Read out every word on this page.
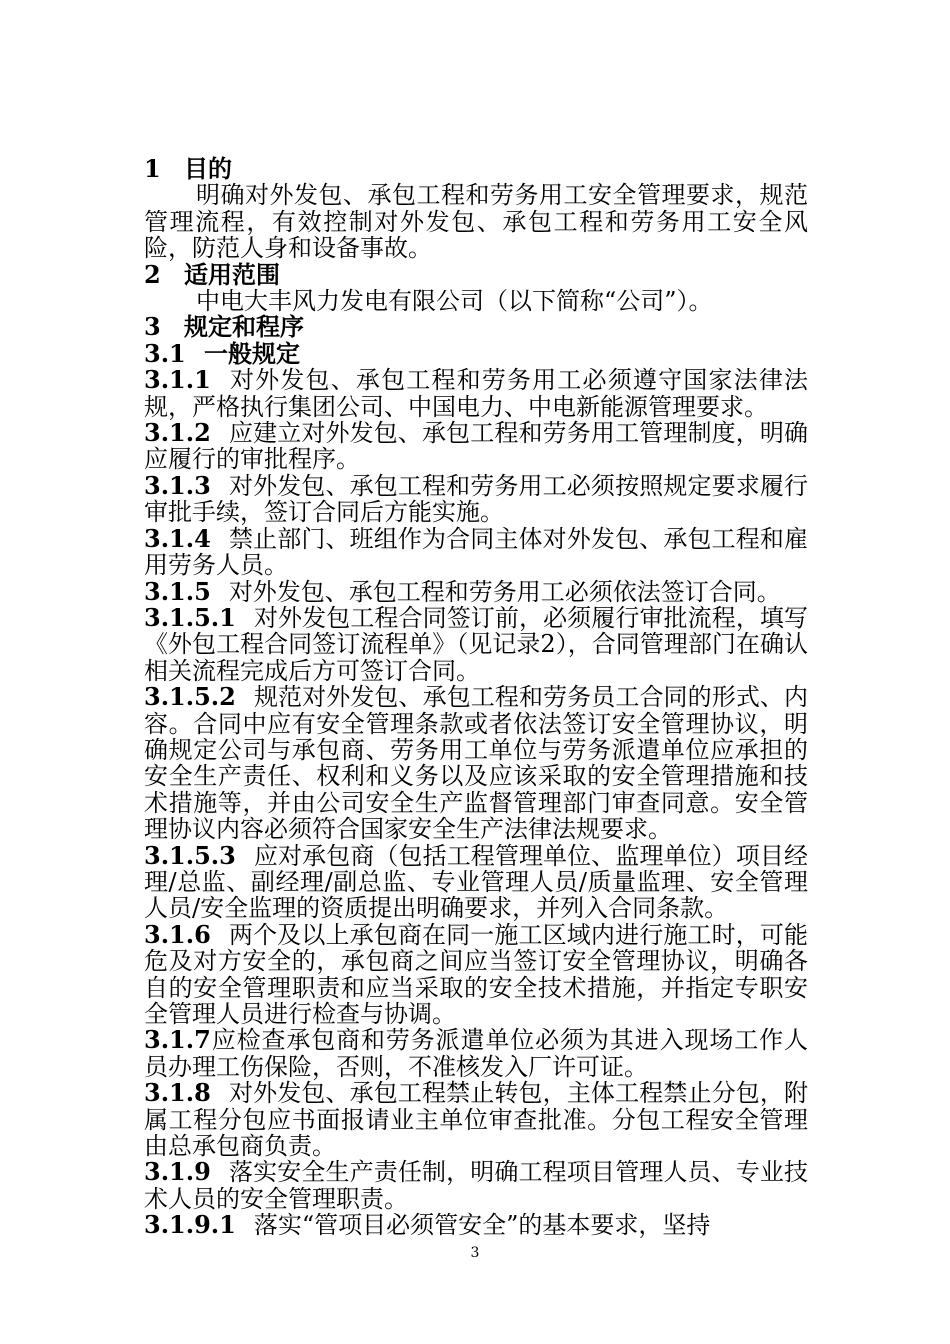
1 目的

明确对外发包、承包工程和劳务用工安全管理要求，规范管理流程，有效控制对外发包、承包工程和劳务用工安全风险，防范人身和设备事故。

2 适用范围

中电大丰风力发电有限公司（以下简称“公司”）。

3 规定和程序

3.1 一般规定

3.1.1 对外发包、承包工程和劳务用工必须遵守国家法律法规，严格执行集团公司、中国电力、中电新能源管理要求。

3.1.2 应建立对外发包、承包工程和劳务用工管理制度，明确应履行的审批程序。

3.1.3 对外发包、承包工程和劳务用工必须按照规定要求履行审批手续，签订合同后方能实施。

3.1.4 禁止部门、班组作为合同主体对外发包、承包工程和雇用劳务人员。

3.1.5 对外发包、承包工程和劳务用工必须依法签订合同。

3.1.5.1 对外发包工程合同签订前，必须履行审批流程，填写《外包工程合同签订流程单》（见记录2），合同管理部门在确认相关流程完成后方可签订合同。

3.1.5.2 规范对外发包、承包工程和劳务员工合同的形式、内容。合同中应有安全管理条款或者依法签订安全管理协议，明确规定公司与承包商、劳务用工单位与劳务派遣单位应承担的安全生产责任、权利和义务以及应该采取的安全管理措施和技术措施等，并由公司安全生产监督管理部门审查同意。安全管理协议内容必须符合国家安全生产法律法规要求。

3.1.5.3 应对承包商（包括工程管理单位、监理单位）项目经理/总监、副经理/副总监、专业管理人员/质量监理、安全管理人员/安全监理的资质提出明确要求，并列入合同条款。

3.1.6 两个及以上承包商在同一施工区域内进行施工时，可能危及对方安全的，承包商之间应当签订安全管理协议，明确各自的安全管理职责和应当采取的安全技术措施，并指定专职安全管理人员进行检查与协调。

3.1.7应检查承包商和劳务派遣单位必须为其进入现场工作人员办理工伤保险，否则，不准核发入厂许可证。

3.1.8 对外发包、承包工程禁止转包，主体工程禁止分包，附属工程分包应书面报请业主单位审查批准。分包工程安全管理由总承包商负责。

3.1.9 落实安全生产责任制，明确工程项目管理人员、专业技术人员的安全管理职责。

3.1.9.1 落实“管项目必须管安全”的基本要求，坚持

3
